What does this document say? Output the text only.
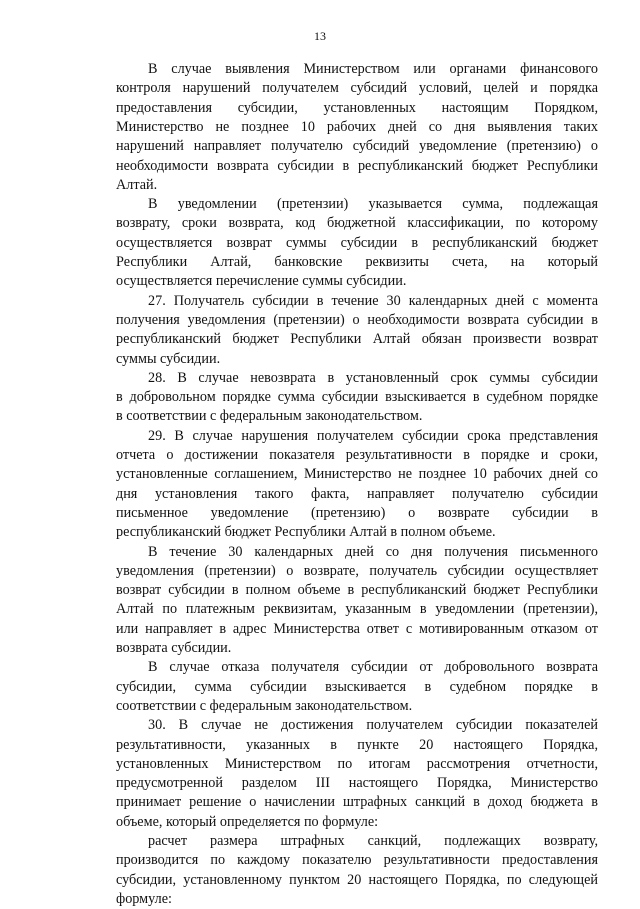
13
В случае выявления Министерством или органами финансового
контроля нарушений получателем субсидий условий, целей и порядка
предоставления субсидии, установленных настоящим Порядком,
Министерство не позднее 10 рабочих дней со дня выявления таких
нарушений направляет получателю субсидий уведомление (претензию) о
необходимости возврата субсидии в республиканский бюджет Республики
Алтай.
В уведомлении (претензии) указывается сумма, подлежащая
возврату, сроки возврата, код бюджетной классификации, по которому
осуществляется возврат суммы субсидии в республиканский бюджет
Республики Алтай, банковские реквизиты счета, на который
осуществляется перечисление суммы субсидии.
27. Получатель субсидии в течение 30 календарных дней с момента
получения уведомления (претензии) о необходимости возврата субсидии в
республиканский бюджет Республики Алтай обязан произвести возврат
суммы субсидии.
28. В случае невозврата в установленный срок суммы субсидии
в добровольном порядке сумма субсидии взыскивается в судебном порядке
в соответствии с федеральным законодательством.
29. В случае нарушения получателем субсидии срока представления
отчета о достижении показателя результативности в порядке и сроки,
установленные соглашением, Министерство не позднее 10 рабочих дней со
дня установления такого факта, направляет получателю субсидии
письменное уведомление (претензию) о возврате субсидии в
республиканский бюджет Республики Алтай в полном объеме.
В течение 30 календарных дней со дня получения письменного
уведомления (претензии) о возврате, получатель субсидии осуществляет
возврат субсидии в полном объеме в республиканский бюджет Республики
Алтай по платежным реквизитам, указанным в уведомлении (претензии),
или направляет в адрес Министерства ответ с мотивированным отказом от
возврата субсидии.
В случае отказа получателя субсидии от добровольного возврата
субсидии, сумма субсидии взыскивается в судебном порядке в
соответствии с федеральным законодательством.
30. В случае не достижения получателем субсидии показателей
результативности, указанных в пункте 20 настоящего Порядка,
установленных Министерством по итогам рассмотрения отчетности,
предусмотренной разделом III настоящего Порядка, Министерство
принимает решение о начислении штрафных санкций в доход бюджета в
объеме, который определяется по формуле:
расчет размера штрафных санкций, подлежащих возврату,
производится по каждому показателю результативности предоставления
субсидии, установленному пунктом 20 настоящего Порядка, по следующей
формуле:
